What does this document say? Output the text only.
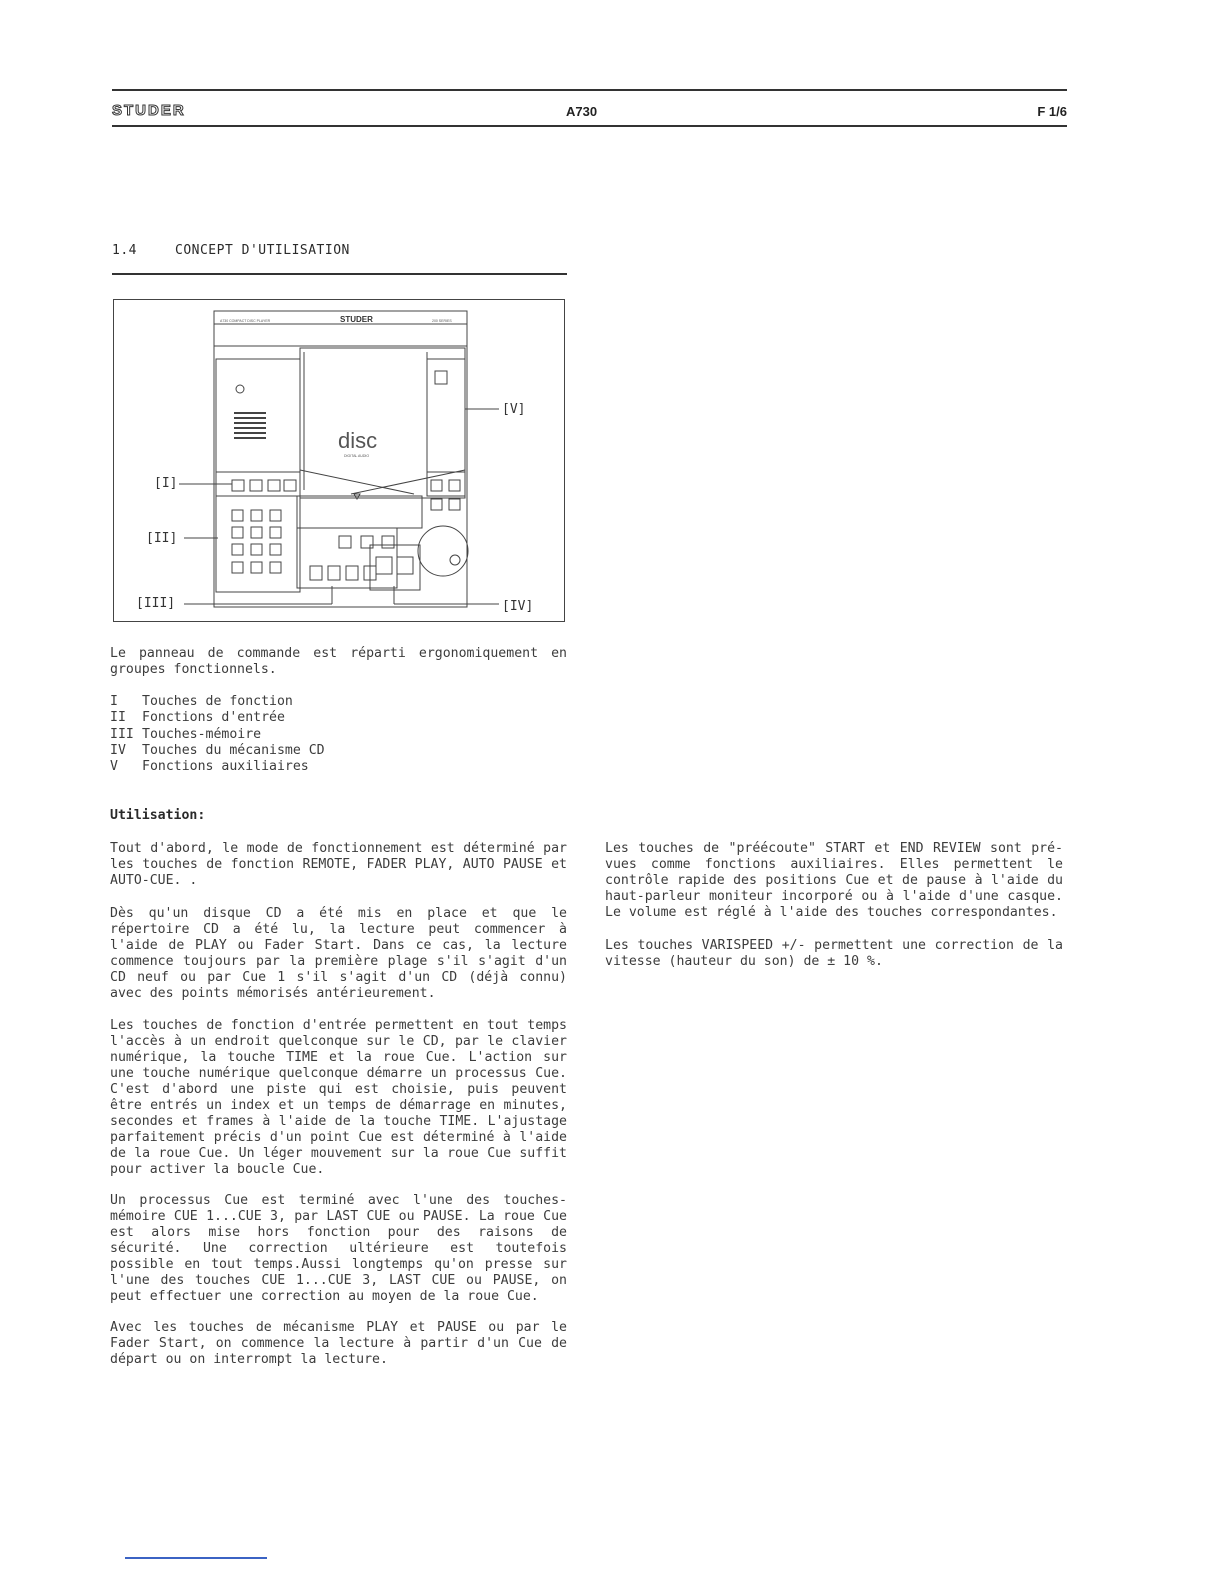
STUDER	A730	F 1/6
1.4	CONCEPT D'UTILISATION
A730 COMPACT DISC PLAYER	STUDER	200 SERIES
disc
DIGITAL AUDIO
[I]
[II]
[III]	[IV]
[V]
Le panneau de commande est réparti ergonomiquement en groupes fonctionnels.
I Touches de fonction
II Fonctions d'entrée
III Touches-mémoire
IV Touches du mécanisme CD
V Fonctions auxiliaires
Utilisation:
Tout d'abord, le mode de fonctionnement est déterminé par les touches de fonction REMOTE, FADER PLAY, AUTO PAUSE et AUTO-CUE. .
Dès qu'un disque CD a été mis en place et que le répertoire CD a été lu, la lecture peut commencer à l'aide de PLAY ou Fader Start. Dans ce cas, la lecture commence toujours par la première plage s'il s'agit d'un CD neuf ou par Cue 1 s'il s'agit d'un CD (déjà connu) avec des points mémorisés antérieurement.
Les touches de fonction d'entrée permettent en tout temps l'accès à un endroit quelconque sur le CD, par le clavier numérique, la touche TIME et la roue Cue. L'action sur une touche numérique quelconque démarre un processus Cue. C'est d'abord une piste qui est choisie, puis peuvent être entrés un index et un temps de démarrage en minutes, secondes et frames à l'aide de la touche TIME. L'ajustage parfaitement précis d'un point Cue est déterminé à l'aide de la roue Cue. Un léger mouvement sur la roue Cue suffit pour activer la boucle Cue.
Un processus Cue est terminé avec l'une des touches-mémoire CUE 1...CUE 3, par LAST CUE ou PAUSE. La roue Cue est alors mise hors fonction pour des raisons de sécurité. Une correction ultérieure est toutefois possible en tout temps.Aussi longtemps qu'on presse sur l'une des touches CUE 1...CUE 3, LAST CUE ou PAUSE, on peut effectuer une correction au moyen de la roue Cue.
Avec les touches de mécanisme PLAY et PAUSE ou par le Fader Start, on commence la lecture à partir d'un Cue de départ ou on interrompt la lecture.
Les touches de "préécoute" START et END REVIEW sont pré-vues comme fonctions auxiliaires. Elles permettent le contrôle rapide des positions Cue et de pause à l'aide du haut-parleur moniteur incorporé ou à l'aide d'une casque. Le volume est réglé à l'aide des touches correspondantes.
Les touches VARISPEED +/- permettent une correction de la vitesse (hauteur du son) de ± 10 %.
